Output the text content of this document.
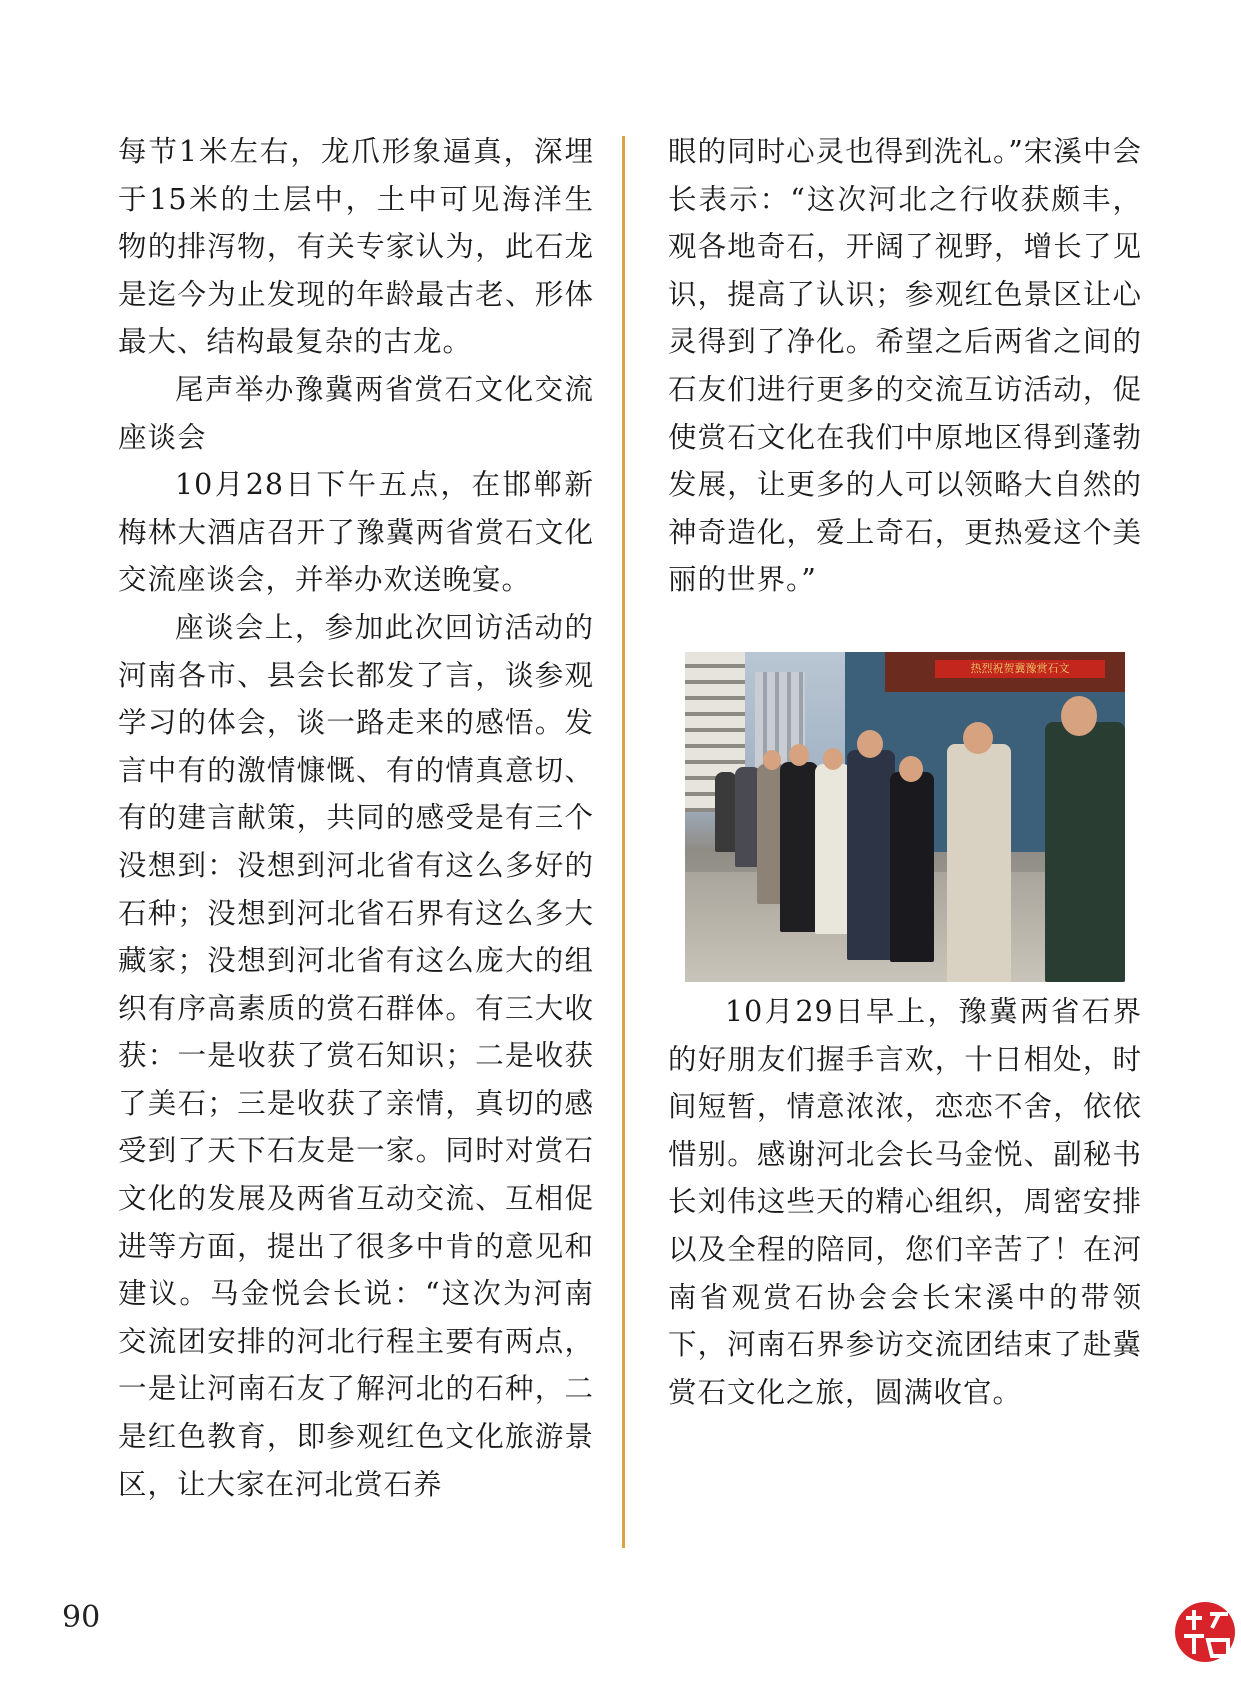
每节1米左右，龙爪形象逼真，深埋于15米的土层中，土中可见海洋生物的排泻物，有关专家认为，此石龙是迄今为止发现的年龄最古老、形体最大、结构最复杂的古龙。

尾声举办豫冀两省赏石文化交流座谈会

10月28日下午五点，在邯郸新梅林大酒店召开了豫冀两省赏石文化交流座谈会，并举办欢送晚宴。

座谈会上，参加此次回访活动的河南各市、县会长都发了言，谈参观学习的体会，谈一路走来的感悟。发言中有的激情慷慨、有的情真意切、有的建言献策，共同的感受是有三个没想到：没想到河北省有这么多好的石种；没想到河北省石界有这么多大藏家；没想到河北省有这么庞大的组织有序高素质的赏石群体。有三大收获：一是收获了赏石知识；二是收获了美石；三是收获了亲情，真切的感受到了天下石友是一家。同时对赏石文化的发展及两省互动交流、互相促进等方面，提出了很多中肯的意见和建议。马金悦会长说：“这次为河南交流团安排的河北行程主要有两点，一是让河南石友了解河北的石种，二是红色教育，即参观红色文化旅游景区，让大家在河北赏石养

眼的同时心灵也得到洗礼。”宋溪中会长表示：“这次河北之行收获颇丰，观各地奇石，开阔了视野，增长了见识，提高了认识；参观红色景区让心灵得到了净化。希望之后两省之间的石友们进行更多的交流互访活动，促使赏石文化在我们中原地区得到蓬勃发展，让更多的人可以领略大自然的神奇造化，爱上奇石，更热爱这个美丽的世界。”

热烈祝贺冀豫赏石文

10月29日早上，豫冀两省石界的好朋友们握手言欢，十日相处，时间短暂，情意浓浓，恋恋不舍，依依惜别。感谢河北会长马金悦、副秘书长刘伟这些天的精心组织，周密安排以及全程的陪同，您们辛苦了！在河南省观赏石协会会长宋溪中的带领下，河南石界参访交流团结束了赴冀赏石文化之旅，圆满收官。

90
